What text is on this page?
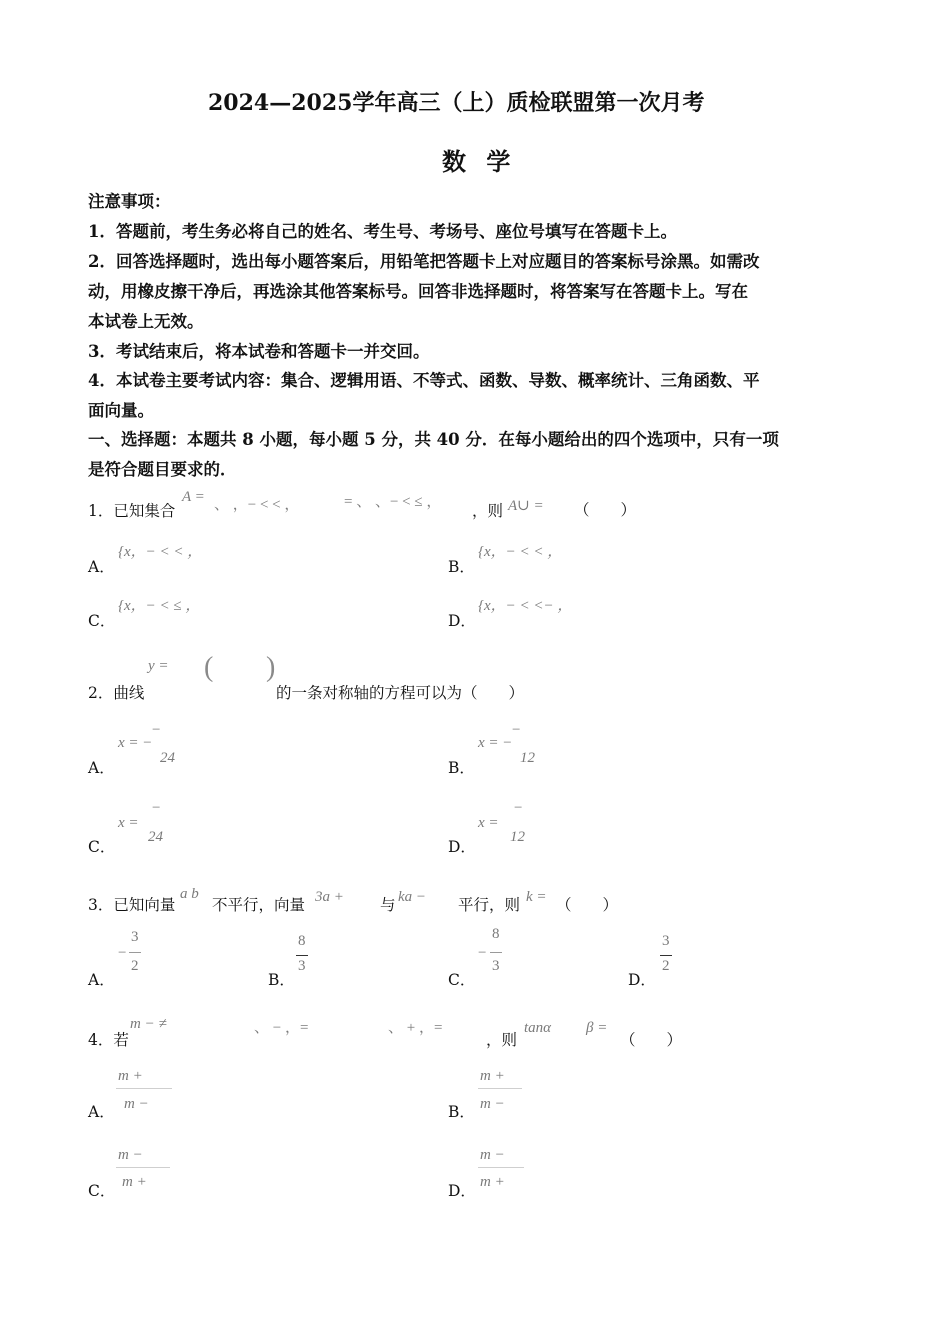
2024—2025学年高三（上）质检联盟第一次月考
数 学
注意事项：
1．答题前，考生务必将自己的姓名、考生号、考场号、座位号填写在答题卡上。
2．回答选择题时，选出每小题答案后，用铅笔把答题卡上对应题目的答案标号涂黑。如需改
动，用橡皮擦干净后，再选涂其他答案标号。回答非选择题时，将答案写在答题卡上。写在
本试卷上无效。
3．考试结束后，将本试卷和答题卡一并交回。
4．本试卷主要考试内容：集合、逻辑用语、不等式、函数、导数、概率统计、三角函数、平
面向量。
一、选择题：本题共 8 小题，每小题 5 分，共 40 分．在每小题给出的四个选项中，只有一项
是符合题目要求的．
1．已知集合
A = 、 ，− < < ，	= 、 、− < ≤ ， ，则 A∪ = （　　）
A．
{x，− < < ，
B．
{x，− < < ，
C．
{x，− < ≤ ，
D．
{x，− < <− ，
2．曲线
y = ( )
的一条对称轴的方程可以为（　　）
A．
−
x = −
24
B．
−
x = −
12
C．
−
x =
24
D．
−
x =
12
3．已知向量
a b
不平行，向量 3a + 与 ka − 平行，则 k = （　　）
A．
−
3
2
B．
8
3
C．
−
8
3
D．
3
2
4．若
m − ≠	、 − ，=	、 + ，=
，则
tanα β =
（　　）
A．
m +
m −	B．
m +
m −
C．
m −
m +	D．
m −
m +
